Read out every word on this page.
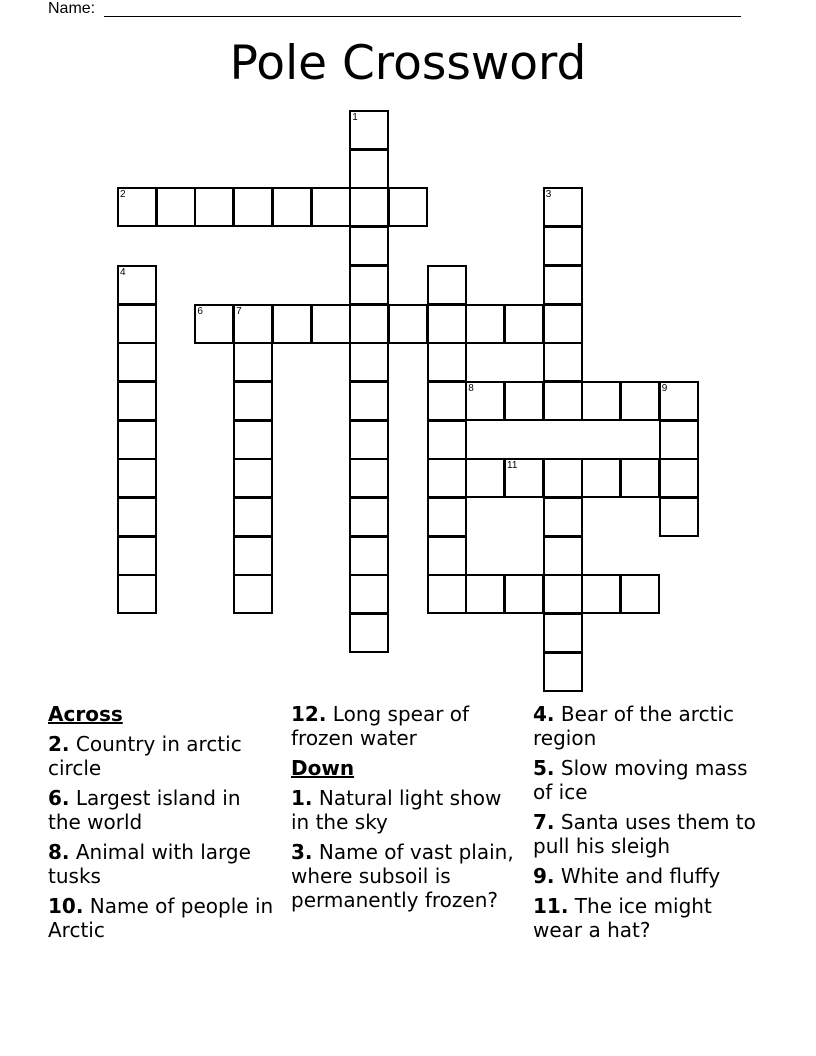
Name:
Pole Crossword
1
2	3
4
6	7
8	9
11
Across
2. Country in arctic circle
6. Largest island in the world
8. Animal with large tusks
10. Name of people in Arctic
12. Long spear of frozen water
Down
1. Natural light show in the sky
3. Name of vast plain, where subsoil is permanently frozen?
4. Bear of the arctic region
5. Slow moving mass of ice
7. Santa uses them to pull his sleigh
9. White and fluffy
11. The ice might wear a hat?
